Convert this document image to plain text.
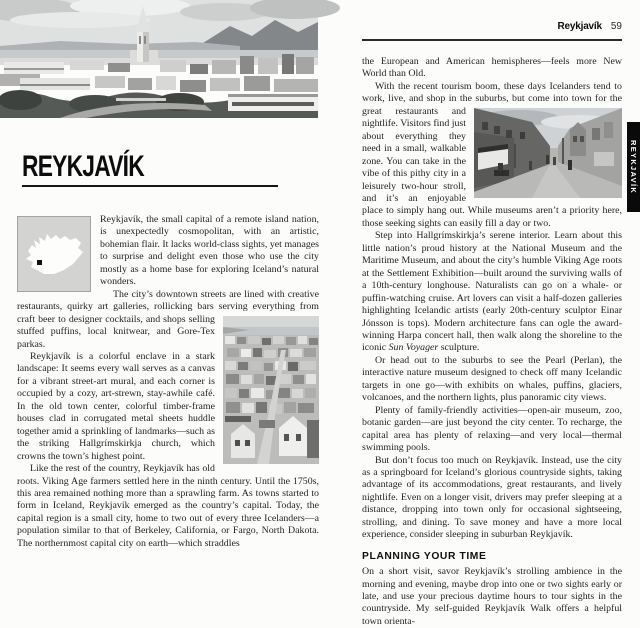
REYKJAVÍK

Reykjavík, the small capital of a remote island nation, is unexpectedly cosmopolitan, with an artistic, bohemian flair. It lacks world-class sights, yet manages to surprise and delight even those who use the city mostly as a home base for exploring Iceland’s natural wonders.

The city’s downtown streets are lined with creative restaurants, quirky art galleries, rollicking bars serving
everything from craft beer to designer cocktails, and shops selling stuffed puffins, local knitwear, and Gore-Tex parkas.

Reykjavík is a colorful enclave in a stark landscape: It seems every wall serves as a canvas for a vibrant street-art mural, and each corner is occupied by a cozy, art-strewn, stay-awhile café. In the old town center, colorful timber-frame houses clad in corrugated metal sheets huddle together amid a sprinkling of landmarks—such as the striking Hallgrímskirkja church, which crowns the town’s highest point.

Like the rest of the country, Reykjavík has old roots. Viking Age farmers settled here in the ninth century. Until the 1750s, this area remained nothing more than a sprawling farm. As towns started to form in Iceland, Reykjavík emerged as the country’s capital. Today, the capital region is a small city, home to two out of every three Icelanders—a population similar to that of Berkeley, California, or Fargo, North Dakota. The northernmost capital city on earth—which straddles

Reykjavík 59

the European and American hemispheres—feels more New World than Old.

With the recent tourism boom, these days Icelanders tend to work, live, and shop in the suburbs, but come into town for the
great restaurants and nightlife. Visitors find just about everything they need in a small, walkable zone. You can take in the vibe of this pithy city in a leisurely two-hour stroll, and it’s an enjoyable place to simply hang out. While museums aren’t a priority here, those seeking sights can easily fill a day or two.

Step into Hallgrímskirkja’s serene interior. Learn about this little nation’s proud history at the National Museum and the Maritime Museum, and about the city’s humble Viking Age roots at the Settlement Exhibition—built around the surviving walls of a 10th-century longhouse. Naturalists can go on a whale- or puffin-watching cruise. Art lovers can visit a half-dozen galleries highlighting Icelandic artists (early 20th-century sculptor Einar Jónsson is tops). Modern architecture fans can ogle the award-winning Harpa concert hall, then walk along the shoreline to the iconic Sun Voyager sculpture.

Or head out to the suburbs to see the Pearl (Perlan), the interactive nature museum designed to check off many Icelandic targets in one go—with exhibits on whales, puffins, glaciers, volcanoes, and the northern lights, plus panoramic city views.

Plenty of family-friendly activities—open-air museum, zoo, botanic garden—are just beyond the city center. To recharge, the capital area has plenty of relaxing—and very local—thermal swimming pools.

But don’t focus too much on Reykjavík. Instead, use the city as a springboard for Iceland’s glorious countryside sights, taking advantage of its accommodations, great restaurants, and lively nightlife. Even on a longer visit, drivers may prefer sleeping at a distance, dropping into town only for occasional sightseeing, strolling, and dining. To save money and have a more local experience, consider sleeping in suburban Reykjavík.

PLANNING YOUR TIME

On a short visit, savor Reykjavík’s strolling ambience in the morning and evening, maybe drop into one or two sights early or late, and use your precious daytime hours to tour sights in the countryside. My self-guided Reykjavík Walk offers a helpful town orienta-

REYKJAVÍK
